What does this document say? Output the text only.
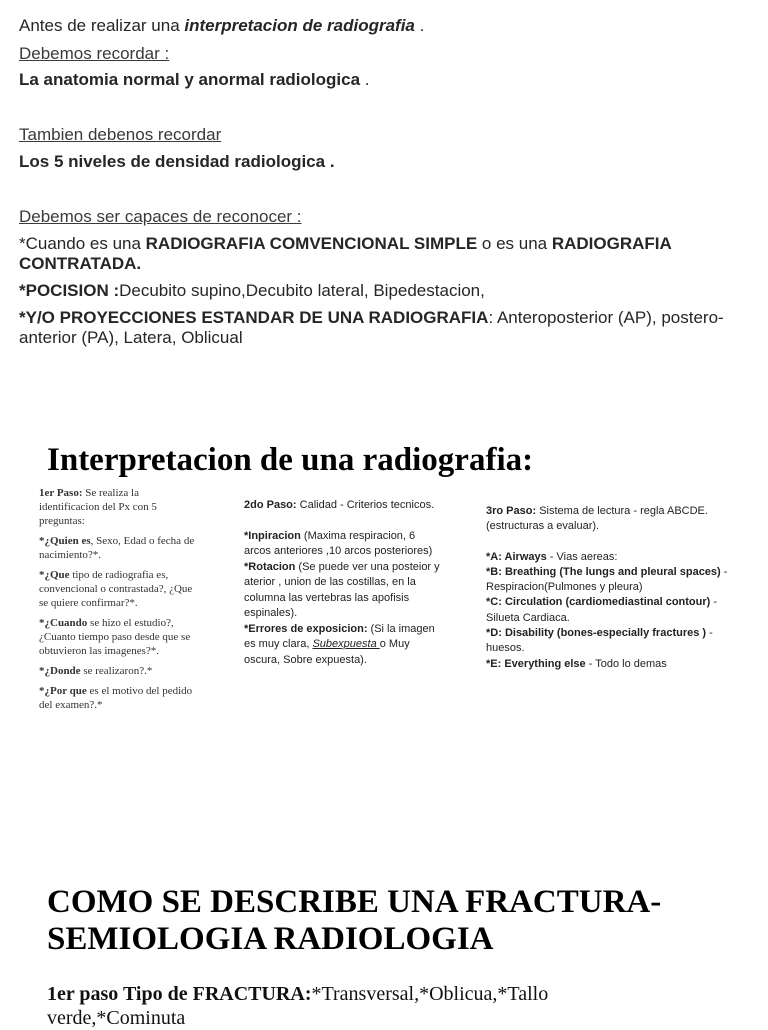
Antes de realizar una interpretacion de radiografia .
Debemos recordar :
La anatomia normal y anormal radiologica .
Tambien debenos recordar
Los 5 niveles de densidad radiologica .
Debemos ser capaces de reconocer :
*Cuando es una RADIOGRAFIA COMVENCIONAL SIMPLE o es una RADIOGRAFIA CONTRATADA.
*POCISION :Decubito supino,Decubito lateral, Bipedestacion,
*Y/O PROYECCIONES ESTANDAR DE UNA RADIOGRAFIA: Anteroposterior (AP), postero-anterior (PA), Latera, Oblicual
Interpretacion de una radiografia:

1er Paso: Se realiza la identificacion del Px con 5 preguntas:

*¿Quien es, Sexo, Edad o fecha de nacimiento?*.

*¿Que tipo de radiografia es, convencional o contrastada?, ¿Que se quiere confirmar?*.

*¿Cuando se hizo el estudio?, ¿Cuanto tiempo paso desde que se obtuvieron las imagenes?*.

*¿Donde se realizaron?.*

*¿Por que es el motivo del pedido del examen?.*

2do Paso: Calidad - Criterios tecnicos.
*Inpiracion (Maxima respiracion, 6 arcos anteriores ,10 arcos posteriores)
*Rotacion (Se puede ver una posteior y aterior , union de las costillas, en la columna las vertebras las apofisis espinales).
*Errores de exposicion: (Si la imagen es muy clara, Subexpuesta o Muy oscura, Sobre expuesta).
3ro Paso: Sistema de lectura - regla ABCDE. (estructuras a evaluar).
*A: Airways - Vias aereas:
*B: Breathing (The lungs and pleural spaces) - Respiracion(Pulmones y pleura)
*C: Circulation (cardiomediastinal contour) - Silueta Cardiaca.
*D: Disability (bones-especially fractures ) - huesos.
*E: Everything else - Todo lo demas
COMO SE DESCRIBE UNA FRACTURA-SEMIOLOGIA RADIOLOGIA
1er paso Tipo de FRACTURA:*Transversal,*Oblicua,*Tallo verde,*Cominuta
